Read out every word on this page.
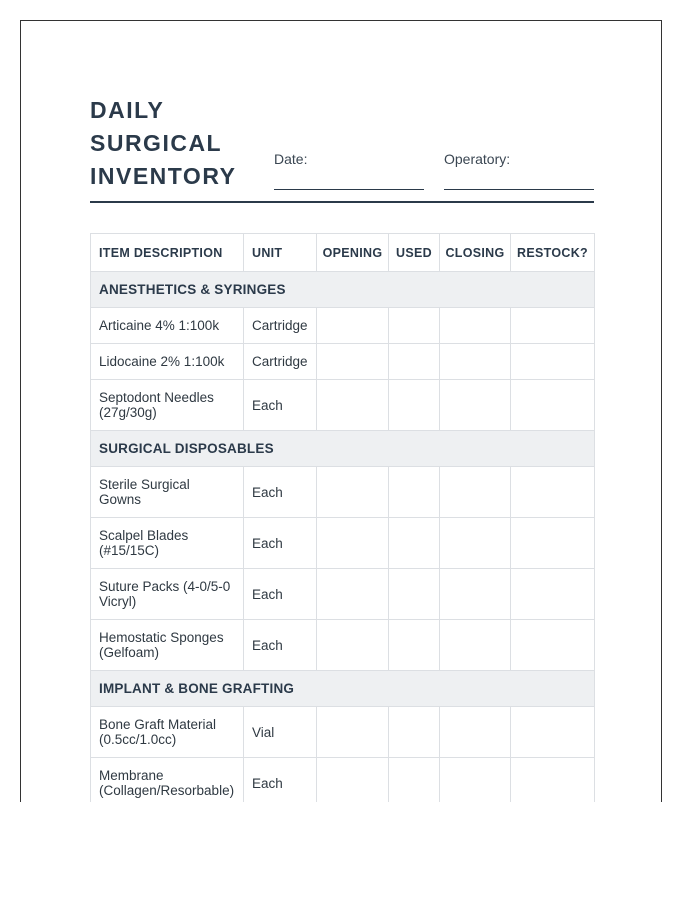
DAILY
SURGICAL
INVENTORY
Date:	Operatory:
ITEM DESCRIPTION	UNIT	OPENING	USED	CLOSING	RESTOCK?
ANESTHETICS & SYRINGES					
Articaine 4% 1:100k	Cartridge				
Lidocaine 2% 1:100k	Cartridge				
Septodont Needles (27g/30g)	Each				
SURGICAL DISPOSABLES					
Sterile Surgical Gowns	Each				
Scalpel Blades (#15/15C)	Each				
Suture Packs (4-0/5-0 Vicryl)	Each				
Hemostatic Sponges (Gelfoam)	Each				
IMPLANT & BONE GRAFTING					
Bone Graft Material (0.5cc/1.0cc)	Vial				
Membrane (Collagen/Resorbable)	Each				
